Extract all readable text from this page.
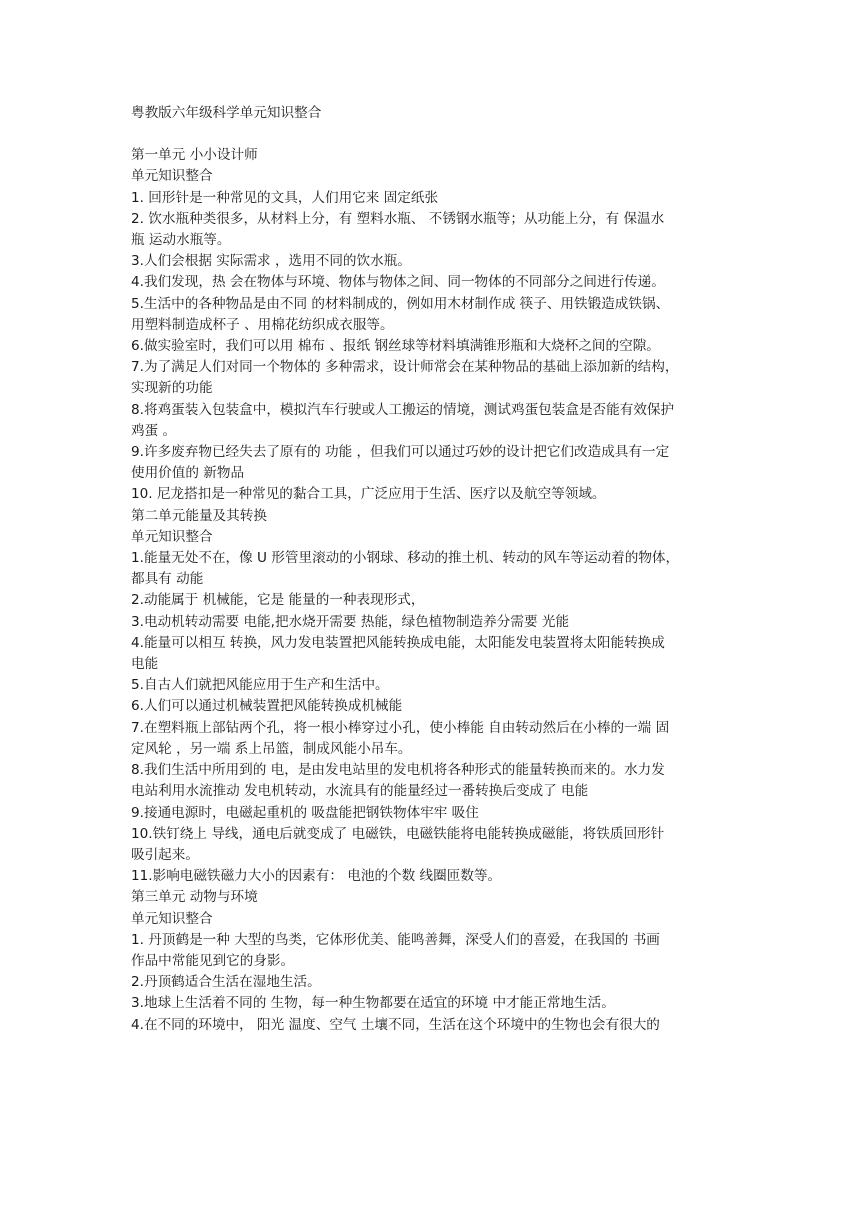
粤教版六年级科学单元知识整合

第一单元 小小设计师

单元知识整合

1. 回形针是一种常见的文具，人们用它来 固定纸张

2. 饮水瓶种类很多，从材料上分，有 塑料水瓶、 不锈钢水瓶等；从功能上分，有 保温水

瓶 运动水瓶等。

3.人们会根据 实际需求 ，选用不同的饮水瓶。

4.我们发现，热 会在物体与环境、物体与物体之间、同一物体的不同部分之间进行传递。

5.生活中的各种物品是由不同 的材料制成的，例如用木材制作成 筷子、用铁锻造成铁锅、

用塑料制造成杯子 、用棉花纺织成衣服等。

6.做实验室时，我们可以用 棉布 、报纸 钢丝球等材料填满锥形瓶和大烧杯之间的空隙。

7.为了满足人们对同一个物体的 多种需求，设计师常会在某种物品的基础上添加新的结构，

实现新的功能

8.将鸡蛋装入包装盒中，模拟汽车行驶或人工搬运的情境，测试鸡蛋包装盒是否能有效保护

鸡蛋 。

9.许多废弃物已经失去了原有的 功能 ，但我们可以通过巧妙的设计把它们改造成具有一定

使用价值的 新物品

10. 尼龙搭扣是一种常见的黏合工具，广泛应用于生活、医疗以及航空等领域。

第二单元能量及其转换

单元知识整合

1.能量无处不在，像 U 形管里滚动的小钢球、移动的推土机、转动的风车等运动着的物体，

都具有 动能

2.动能属于 机械能，它是 能量的一种表现形式，

3.电动机转动需要 电能,把水烧开需要 热能，绿色植物制造养分需要 光能

4.能量可以相互 转换，风力发电装置把风能转换成电能，太阳能发电装置将太阳能转换成

电能

5.自古人们就把风能应用于生产和生活中。

6.人们可以通过机械装置把风能转换成机械能

7.在塑料瓶上部钻两个孔，将一根小棒穿过小孔，使小棒能 自由转动然后在小棒的一端 固

定风轮 ，另一端 系上吊篮，制成风能小吊车。

8.我们生活中所用到的 电，是由发电站里的发电机将各种形式的能量转换而来的。水力发

电站利用水流推动 发电机转动，水流具有的能量经过一番转换后变成了 电能

9.接通电源时，电磁起重机的 吸盘能把钢铁物体牢牢 吸住

10.铁钉绕上 导线，通电后就变成了 电磁铁，电磁铁能将电能转换成磁能，将铁质回形针

吸引起来。

11.影响电磁铁磁力大小的因素有： 电池的个数 线圈匝数等。

第三单元 动物与环境

单元知识整合

1. 丹顶鹤是一种 大型的鸟类，它体形优美、能鸣善舞，深受人们的喜爱，在我国的 书画

作品中常能见到它的身影。

2.丹顶鹤适合生活在湿地生活。

3.地球上生活着不同的 生物，每一种生物都要在适宜的环境 中才能正常地生活。

4.在不同的环境中， 阳光 温度、空气 土壤不同，生活在这个环境中的生物也会有很大的
